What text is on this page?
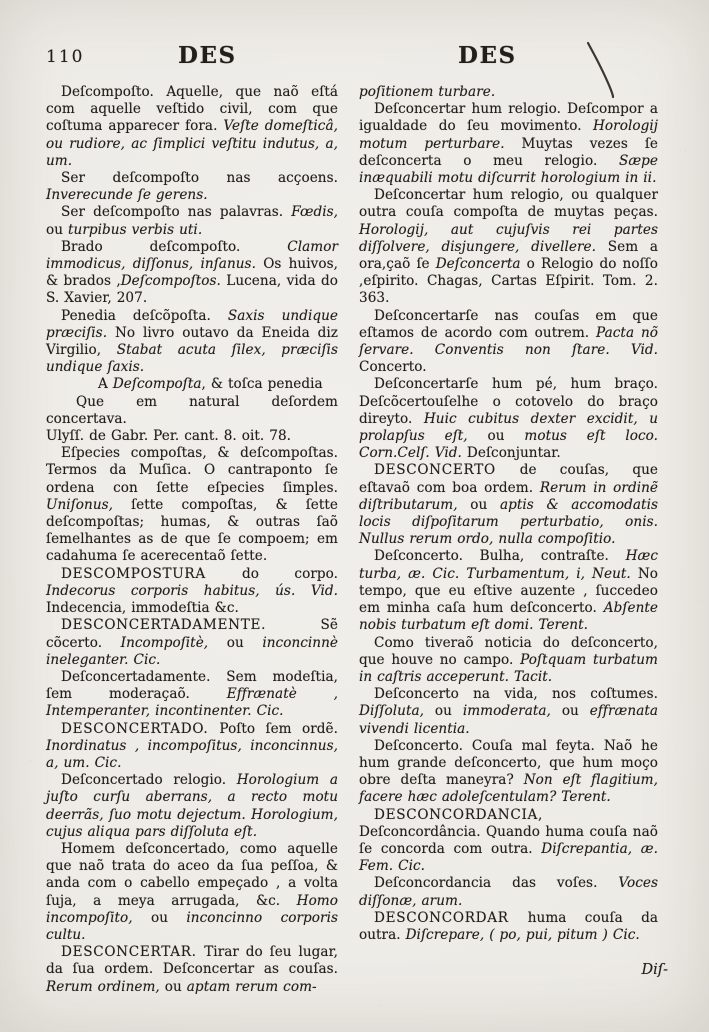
110	DES	DES

Deſcompoſto. Aquelle, que naõ eſtá com aquelle veſtido civil, com que coſtuma apparecer fora. Veſte domeſticâ, ou rudiore, ac ſimplici veſtitu indutus, a, um.

Ser deſcompoſto nas acçoens. Inverecunde ſe gerens.

Ser deſcompoſto nas palavras. Fœdis, ou turpibus verbis uti.

Brado deſcompoſto. Clamor immodicus, diſſonus, inſanus. Os huivos, & brados ,Deſcompoſtos. Lucena, vida do S. Xavier, 207.

Penedia deſcõpoſta. Saxis undique præciſis. No livro outavo da Eneida diz Virgilio, Stabat acuta ſilex, præciſis undique ſaxis.

A Deſcompoſta, & toſca penedia

Que em natural deſordem concertava.

Ulyſſ. de Gabr. Per. cant. 8. oit. 78.

Eſpecies compoſtas, & deſcompoſtas. Termos da Muſica. O cantraponto ſe ordena con ſette eſpecies ſimples. Uniſonus, ſette compoſtas, & ſette deſcompoſtas; humas, & outras ſaõ ſemelhantes as de que ſe compoem; em cadahuma ſe acerecentaõ ſette.

DESCOMPOSTURA do corpo. Indecorus corporis habitus, ús. Vid. Indecencia, immodeſtia &c.

DESCONCERTADAMENTE. Sẽ cõcerto. Incompoſitè, ou inconcinnè ineleganter. Cic.

Deſconcertadamente. Sem modeſtia, ſem moderaçaõ. Effrænatè , Intemperanter, incontinenter. Cic.

DESCONCERTADO. Poſto ſem ordẽ. Inordinatus , incompoſitus, inconcinnus, a, um. Cic.

Deſconcertado relogio. Horologium a juſto curſu aberrans, a recto motu deerrãs, ſuo motu dejectum. Horologium, cujus aliqua pars diſſoluta eſt.

Homem deſconcertado, como aquelle que naõ trata do aceo da ſua peſſoa, & anda com o cabello empeçado , a volta ſuja, a meya arrugada, &c. Homo incompoſito, ou inconcinno corporis cultu.

DESCONCERTAR. Tirar do ſeu lugar, da ſua ordem. Deſconcertar as couſas. Rerum ordinem, ou aptam rerum com-

poſitionem turbare.

Deſconcertar hum relogio. Deſcompor a igualdade do ſeu movimento. Horologij motum perturbare. Muytas vezes ſe deſconcerta o meu relogio. Sæpe inæquabili motu diſcurrit horologium in ii.

Deſconcertar hum relogio, ou qualquer outra couſa compoſta de muytas peças. Horologij, aut cujuſvis rei partes diſſolvere, disjungere, divellere. Sem a ora,çaõ ſe Deſconcerta o Relogio do noſſo ,eſpirito. Chagas, Cartas Eſpirit. Tom. 2. 363.

Deſconcertarſe nas couſas em que eſtamos de acordo com outrem. Pacta nõ ſervare. Conventis non ſtare. Vid. Concerto.

Deſconcertarſe hum pé, hum braço. Deſcõcertouſelhe o cotovelo do braço direyto. Huic cubitus dexter excidit, u prolapſus eſt, ou motus eſt loco. Corn.Celſ. Vid. Deſconjuntar.

DESCONCERTO de couſas, que eſtavaõ com boa ordem. Rerum in ordinẽ diſtributarum, ou aptis & accomodatis locis diſpoſitarum perturbatio, onis. Nullus rerum ordo, nulla compoſitio.

Deſconcerto. Bulha, contraſte. Hæc turba, æ. Cic. Turbamentum, i, Neut. No tempo, que eu eſtive auzente , ſuccedeo em minha caſa hum deſconcerto. Abſente nobis turbatum eſt domi. Terent.

Como tiveraõ noticia do deſconcerto, que houve no campo. Poſtquam turbatum in caſtris acceperunt. Tacit.

Deſconcerto na vida, nos coſtumes. Diſſoluta, ou immoderata, ou effrænata vivendi licentia.

Deſconcerto. Couſa mal feyta. Naõ he hum grande deſconcerto, que hum moço obre deſta maneyra? Non eſt flagitium, facere hæc adoleſcentulam? Terent.

DESCONCORDANCIA, Deſconcordância. Quando huma couſa naõ ſe concorda com outra. Diſcrepantia, æ. Fem. Cic.

Deſconcordancia das voſes. Voces diſſonæ, arum.

DESCONCORDAR huma couſa da outra. Diſcrepare, ( po, pui, pitum ) Cic.

Diſ-
